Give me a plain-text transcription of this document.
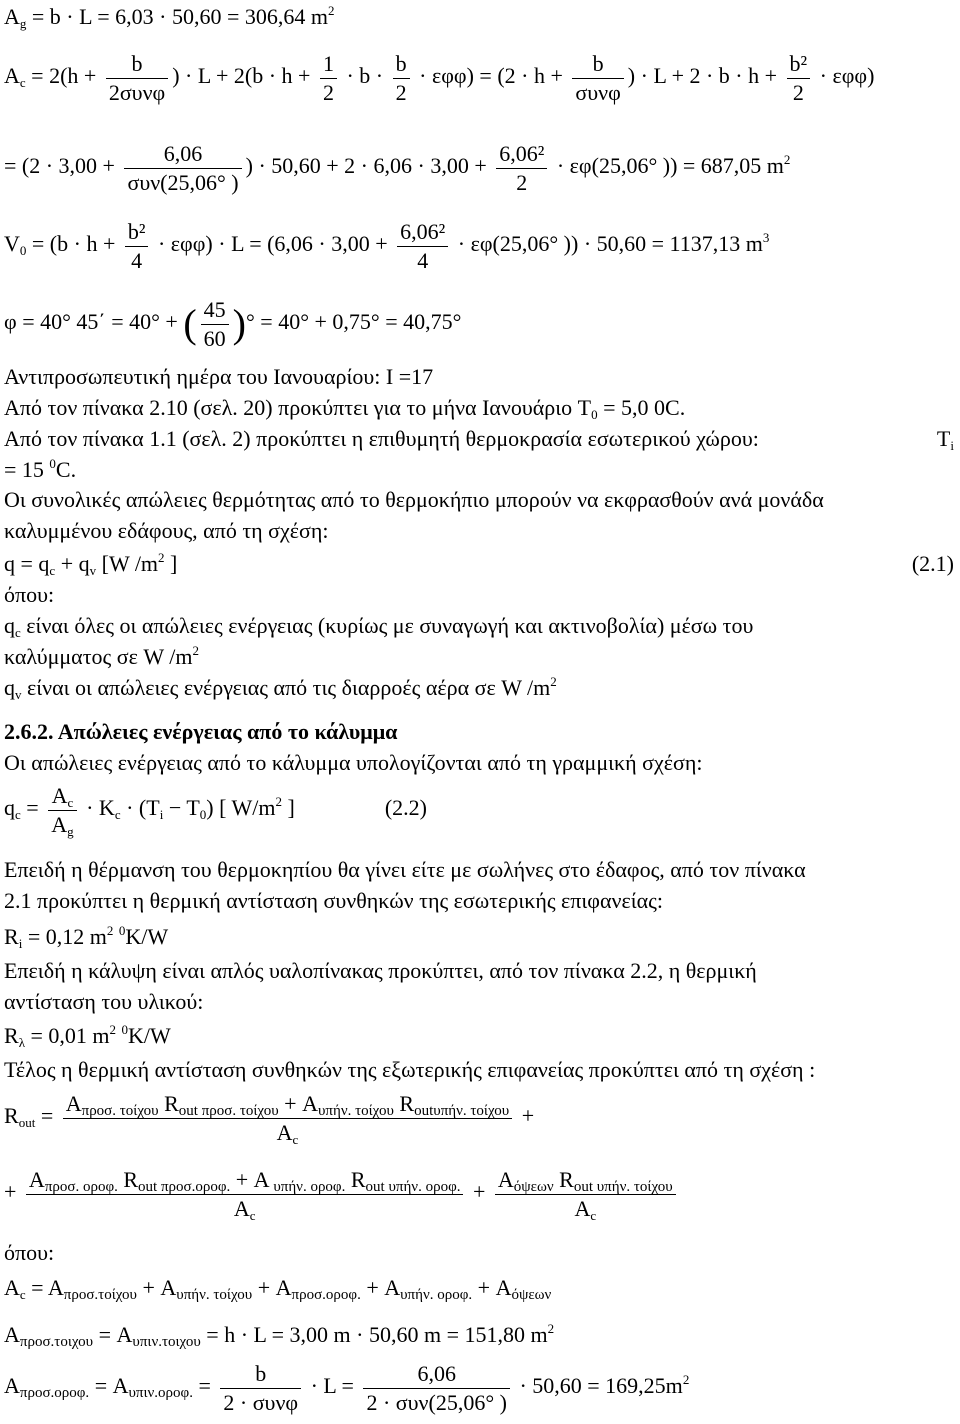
$A_g = b \cdot L = 6,03 \cdot 50,60 = 306,64$ $m^2$
$A_c = 2(h + \frac{b}{\text{2συνφ}}$ ) · $L + 2(b \cdot h + \frac{1}{2} \cdot b \cdot \frac{b}{2} \cdot \varepsilon\varphi\varphi) = (2 \cdot h + \frac{b}{\text{συνφ}}$ ) · $L + 2 \cdot b \cdot h + \frac{\text{b²}}{2} \cdot \varepsilon\varphi\varphi$)
= ($2 \cdot 3,00 + \frac{6,06}{\text{συν(25,06° )}}$ ) · $50,60 + 2 \cdot 6,06 \cdot 3,00 + \frac{\text{6,06²}}{2} \cdot \varepsilon\varphi(25,06^\circ$ )) = 687,05 $m^2$
$V_0 = (b \cdot h + \frac{\text{b²}}{4} \cdot \varepsilon\varphi\varphi) \cdot L = (6,06 \cdot 3,00 + \frac{\text{6,06²}}{4} \cdot \varepsilon\varphi(25,06^\circ$ )) · 50,60 = 1137,13 $m^3$
φ = 40° 45΄ = 40° + ( $\frac{45}{60}$ )° = 40° + 0,75° = 40,75°
Αντιπροσωπευτική ημέρα του Ιανουαρίου: I =17
Από τον πίνακα 2.10 (σελ. 20) προκύπτει για το μήνα Ιανουάριο $T_0 = 5,0$ 0C.
Από τον πίνακα 1.1 (σελ. 2) προκύπτει η επιθυμητή θερμοκρασία εσωτερικού χώρου:	$T_i$
= 15 $^0$C.
Οι συνολικές απώλειες θερμότητας από το θερμοκήπιο μπορούν να εκφρασθούν ανά μονάδα
καλυμμένου εδάφους, από τη σχέση:
$q = q_c + q_v$ [W $/m^2$ ]	(2.1)
όπου:
$q_c$ είναι όλες οι απώλειες ενέργειας (κυρίως με συναγωγή και ακτινοβολία) μέσω του
καλύμματος σε W $/m^2$
$q_v$ είναι οι απώλειες ενέργειας από τις διαρροές αέρα σε W $/m^2$
2.6.2. Απώλειες ενέργειας από το κάλυμμα
Οι απώλειες ενέργειας από το κάλυμμα υπολογίζονται από τη γραμμική σχέση:
$q_c = \frac{A_c}{A_g} \cdot K_c \cdot (T_i - T_0)$ [ $W/m^2$ ]	(2.2)
Επειδή η θέρμανση του θερμοκηπίου θα γίνει είτε με σωλήνες στο έδαφος, από τον πίνακα
2.1 προκύπτει η θερμική αντίσταση συνθηκών της εσωτερικής επιφανείας:
$R_i = 0,12$ $m^2$ $^0$K/W
Επειδή η κάλυψη είναι απλός υαλοπίνακας προκύπτει, από τον πίνακα 2.2, η θερμική
αντίσταση του υλικού:
$R_\lambda = 0,01$ $m^2$ $^0$K/W
Τέλος η θερμική αντίσταση συνθηκών της εξωτερικής επιφανείας προκύπτει από τη σχέση :
$R_{out} = A_{\pi\rho o\sigma. \tau oί\chi o\upsilon}$ $R_{out}$ $_{\pi\rho o\sigma. \tau oί\chi o\upsilon} + A_{\upsilon\pi ή\nu. \tau oί\chi o\upsilon}$ $R_{out\upsilon\pi ή\nu. \tau oί\chi o\upsilon}$
$A_c$
+
+ $A_{\pi\rho o\sigma. o\rho o\varphi.}$ $R_{out}$ $_{\pi\rho o\sigma.o\rho o\varphi.}$ + A $_{\upsilon\pi ή\nu. o\rho o\varphi.}$ $R_{out}$ $_{\upsilon\pi ή\nu. o\rho o\varphi.}$
$A_c$
+ $\frac{A_{ό\psi\varepsilon\omega\nu} R_{out} _{\upsilon\pi ή\nu. \tau oί\chi o\upsilon}}{A_c}$
όπου:
$A_c = A_{\pi\rho o\sigma.\tau oί\chi o\upsilon} + A_{\upsilon\pi ή\nu. \tau oί\chi o\upsilon} + A_{\pi\rho o\sigma.o\rho o\varphi.} + A_{\upsilon\pi ή\nu. o\rho o\varphi.} + A_{ό\psi\varepsilon\omega\nu}$
$A_{\pi\rho o\sigma.\tau o\iota\chi o\upsilon} = A_{\upsilon\pi\iota\nu.\tau o\iota\chi o\upsilon} = h \cdot L = 3,00$ m · 50,60 m = 151,80 $m^2$
$A_{\pi\rho o\sigma.o\rho o\varphi.} = A_{\upsilon\pi\iota\nu.o\rho o\varphi.} = \frac{b}{\text{2 · συνφ}} \cdot L = \frac{6,06}{\text{2 · συν(25,06° )}} \cdot 50,60 = 169,25m^2$
